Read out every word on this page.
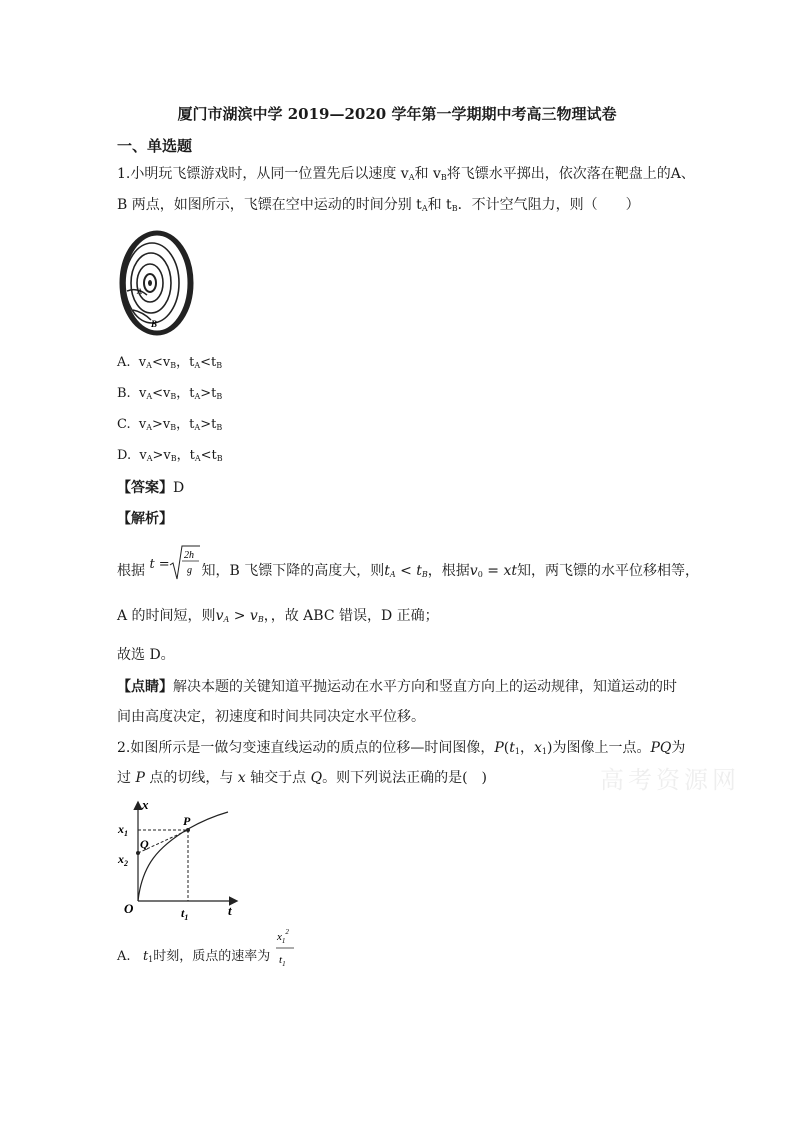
厦门市湖滨中学 2019—2020 学年第一学期期中考高三物理试卷
一、单选题
1.小明玩飞镖游戏时，从同一位置先后以速度 $v_A$和 $v_B$将飞镖水平掷出，依次落在靶盘上的A、
B 两点，如图所示，飞镖在空中运动的时间分别 $t_A$和 $t_B$．不计空气阻力，则（　　）
A
B
A. $v_A<v_B$，$t_A<t_B$
B. $v_A<v_B$，$t_A>t_B$
C. $v_A>v_B$，$t_A>t_B$
D. $v_A>v_B$，$t_A<t_B$
【答案】D
【解析】
根据 t =
2h
g 知，B 飞镖下降的高度大，则$t_A < t_B$，根据$v_0$ = xt知，两飞镖的水平位移相等，
A 的时间短，则$v_A > v_B$，，故 ABC 错误，D 正确；
故选 D。
【点睛】解决本题的关键知道平抛运动在水平方向和竖直方向上的运动规律，知道运动的时
间由高度决定，初速度和时间共同决定水平位移。
高考资源网
2.如图所示是一做匀变速直线运动的质点的位移—时间图像，$P(t_1$，$x_1$)为图像上一点。PQ为
过 P 点的切线，与 x 轴交于点 Q。则下列说法正确的是(　)
x
t
O
$x_1$
$x_2$
$t_1$
P
Q
A. $t_1$时刻，质点的速率为
$x_1^2$
$t_1$
